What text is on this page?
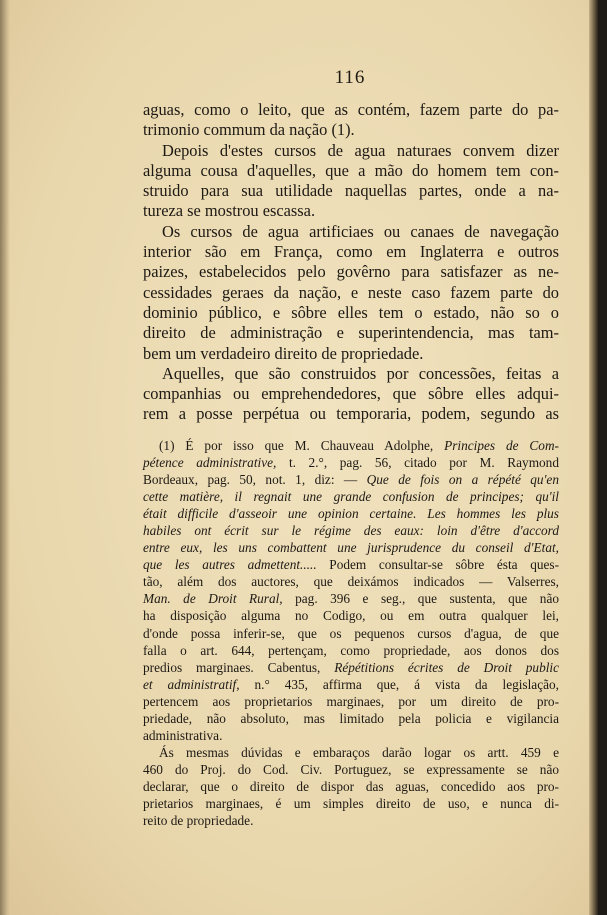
116
aguas, como o leito, que as contém, fazem parte do pa-
trimonio commum da nação (1).
Depois d'estes cursos de agua naturaes convem dizer
alguma cousa d'aquelles, que a mão do homem tem con-
struido para sua utilidade naquellas partes, onde a na-
tureza se mostrou escassa.
Os cursos de agua artificiaes ou canaes de navegação
interior são em França, como em Inglaterra e outros
paizes, estabelecidos pelo govêrno para satisfazer as ne-
cessidades geraes da nação, e neste caso fazem parte do
dominio público, e sôbre elles tem o estado, não so o
direito de administração e superintendencia, mas tam-
bem um verdadeiro direito de propriedade.
Aquelles, que são construidos por concessões, feitas a
companhias ou emprehendedores, que sôbre elles adqui-
rem a posse perpétua ou temporaria, podem, segundo as
(1) É por isso que M. Chauveau Adolphe, Principes de Com-
pétence administrative, t. 2.°, pag. 56, citado por M. Raymond
Bordeaux, pag. 50, not. 1, diz: — Que de fois on a répété qu'en
cette matière, il regnait une grande confusion de principes; qu'il
était difficile d'asseoir une opinion certaine. Les hommes les plus
habiles ont écrit sur le régime des eaux: loin d'être d'accord
entre eux, les uns combattent une jurisprudence du conseil d'Etat,
que les autres admettent..... Podem consultar-se sôbre ésta ques-
tão, além dos auctores, que deixámos indicados — Valserres,
Man. de Droit Rural, pag. 396 e seg., que sustenta, que não
ha disposição alguma no Codigo, ou em outra qualquer lei,
d'onde possa inferir-se, que os pequenos cursos d'agua, de que
falla o art. 644, pertençam, como propriedade, aos donos dos
predios marginaes. Cabentus, Répétitions écrites de Droit public
et administratif, n.° 435, affirma que, á vista da legislação,
pertencem aos proprietarios marginaes, por um direito de pro-
priedade, não absoluto, mas limitado pela policia e vigilancia
administrativa.
Ás mesmas dúvidas e embaraços darão logar os artt. 459 e
460 do Proj. do Cod. Civ. Portuguez, se expressamente se não
declarar, que o direito de dispor das aguas, concedido aos pro-
prietarios marginaes, é um simples direito de uso, e nunca di-
reito de propriedade.
